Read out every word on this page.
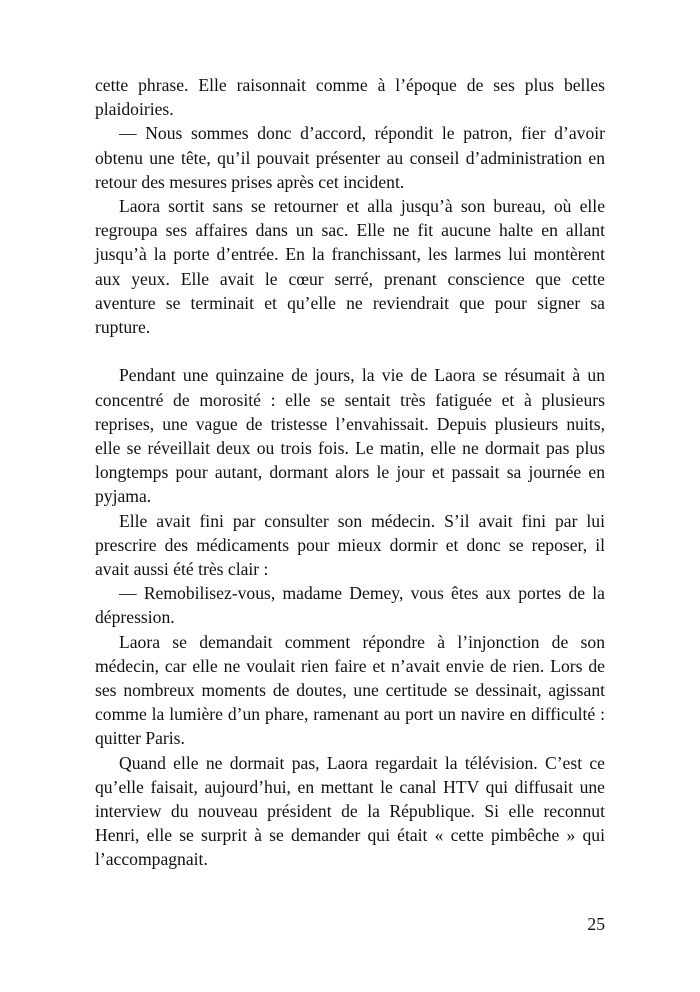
cette phrase. Elle raisonnait comme à l’époque de ses plus belles plaidoiries.

— Nous sommes donc d’accord, répondit le patron, fier d’avoir obtenu une tête, qu’il pouvait présenter au conseil d’administration en retour des mesures prises après cet incident.

Laora sortit sans se retourner et alla jusqu’à son bureau, où elle regroupa ses affaires dans un sac. Elle ne fit aucune halte en allant jusqu’à la porte d’entrée. En la franchissant, les larmes lui montèrent aux yeux. Elle avait le cœur serré, prenant conscience que cette aventure se terminait et qu’elle ne reviendrait que pour signer sa rupture.

Pendant une quinzaine de jours, la vie de Laora se résumait à un concentré de morosité : elle se sentait très fatiguée et à plusieurs reprises, une vague de tristesse l’envahissait. Depuis plusieurs nuits, elle se réveillait deux ou trois fois. Le matin, elle ne dormait pas plus longtemps pour autant, dormant alors le jour et passait sa journée en pyjama.

Elle avait fini par consulter son médecin. S’il avait fini par lui prescrire des médicaments pour mieux dormir et donc se reposer, il avait aussi été très clair :

— Remobilisez-vous, madame Demey, vous êtes aux portes de la dépression.

Laora se demandait comment répondre à l’injonction de son médecin, car elle ne voulait rien faire et n’avait envie de rien. Lors de ses nombreux moments de doutes, une certitude se dessinait, agissant comme la lumière d’un phare, ramenant au port un navire en difficulté : quitter Paris.

Quand elle ne dormait pas, Laora regardait la télévision. C’est ce qu’elle faisait, aujourd’hui, en mettant le canal HTV qui diffusait une interview du nouveau président de la République. Si elle reconnut Henri, elle se surprit à se demander qui était « cette pimbêche » qui l’accompagnait.

25
